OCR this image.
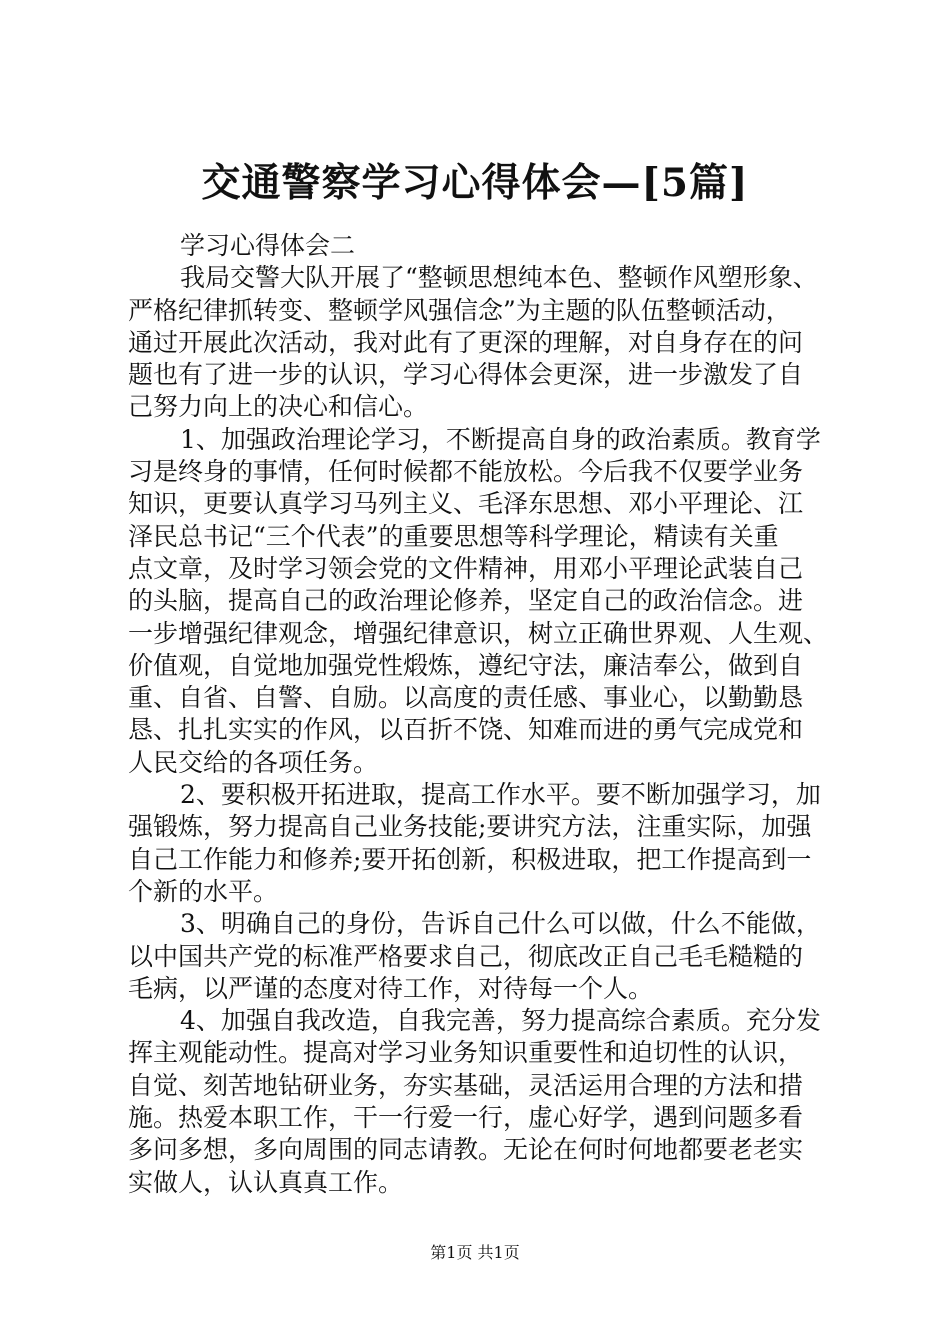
交通警察学习心得体会—[5篇]
学习心得体会二
我局交警大队开展了“整顿思想纯本色、整顿作风塑形象、
严格纪律抓转变、整顿学风强信念”为主题的队伍整顿活动，
通过开展此次活动，我对此有了更深的理解，对自身存在的问
题也有了进一步的认识，学习心得体会更深，进一步激发了自
己努力向上的决心和信心。
1、加强政治理论学习，不断提高自身的政治素质。教育学
习是终身的事情，任何时候都不能放松。今后我不仅要学业务
知识，更要认真学习马列主义、毛泽东思想、邓小平理论、江
泽民总书记“三个代表”的重要思想等科学理论，精读有关重
点文章，及时学习领会党的文件精神，用邓小平理论武装自己
的头脑，提高自己的政治理论修养，坚定自己的政治信念。进
一步增强纪律观念，增强纪律意识，树立正确世界观、人生观、
价值观，自觉地加强党性煅炼，遵纪守法，廉洁奉公，做到自
重、自省、自警、自励。以高度的责任感、事业心，以勤勤恳
恳、扎扎实实的作风，以百折不饶、知难而进的勇气完成党和
人民交给的各项任务。
2、要积极开拓进取，提高工作水平。要不断加强学习，加
强锻炼，努力提高自己业务技能;要讲究方法，注重实际，加强
自己工作能力和修养;要开拓创新，积极进取，把工作提高到一
个新的水平。
3、明确自己的身份，告诉自己什么可以做，什么不能做，
以中国共产党的标准严格要求自己，彻底改正自己毛毛糙糙的
毛病，以严谨的态度对待工作，对待每一个人。
4、加强自我改造，自我完善，努力提高综合素质。充分发
挥主观能动性。提高对学习业务知识重要性和迫切性的认识，
自觉、刻苦地钻研业务，夯实基础，灵活运用合理的方法和措
施。热爱本职工作，干一行爱一行，虚心好学，遇到问题多看
多问多想，多向周围的同志请教。无论在何时何地都要老老实
实做人，认认真真工作。
第1页 共1页
